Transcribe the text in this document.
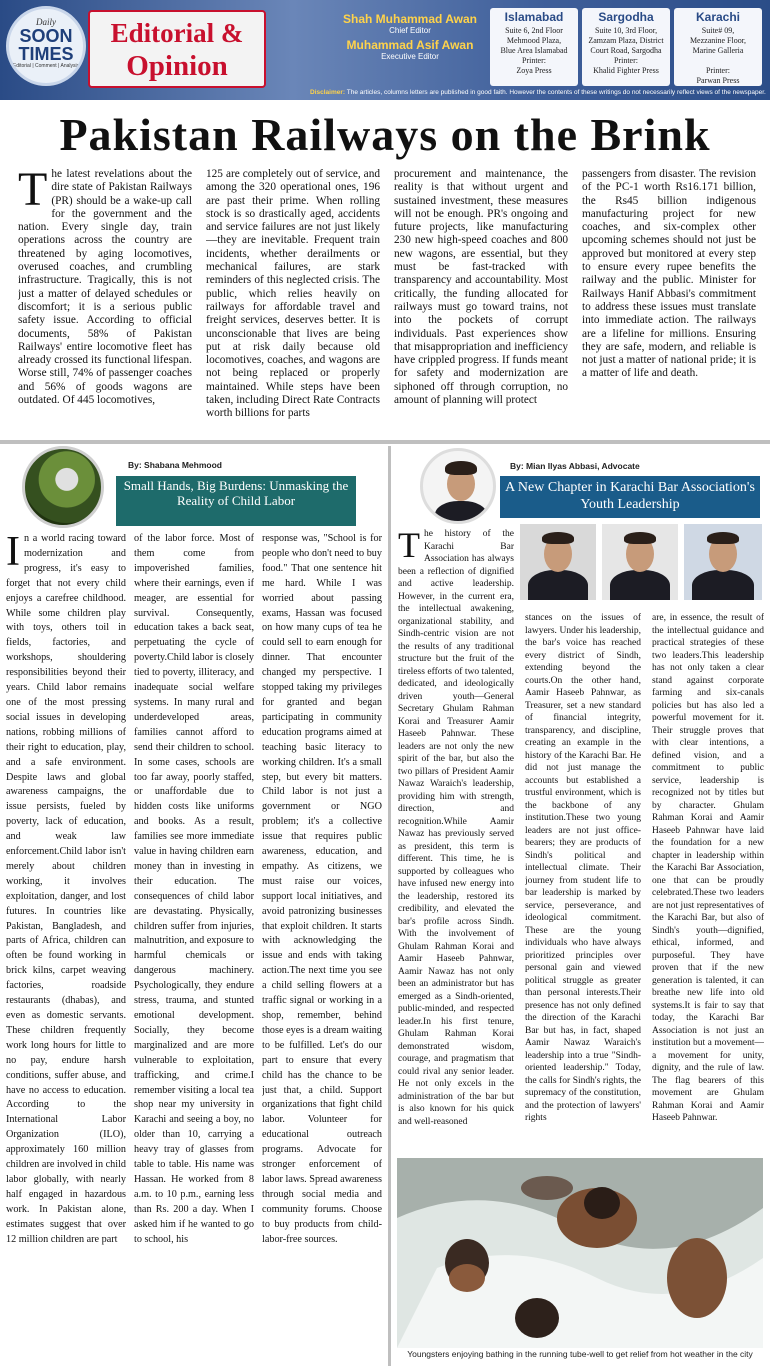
Daily
SOON
TIMES
Editorial | Comment | Analysis
Editorial &
Opinion
Shah Muhammad Awan
Chief Editor
Muhammad Asif Awan
Executive Editor
Islamabad
Suite 6, 2nd Floor
Mehmood Plaza,
Blue Area Islamabad
Printer:
Zoya Press
Sargodha
Suite 10, 3rd Floor,
Zamzam Plaza, District
Court Road, Sargodha
Printer:
Khalid Fighter Press
Karachi
Suite# 09,
Mezzanine Floor,
Marine Galleria

Printer:
Parwan Press
Disclaimer: The articles, columns letters are published in good faith. However the contents of these writings do not necessarily reflect views of the newspaper.
Pakistan Railways on the Brink
T he latest revelations about the dire state of Pakistan Railways (PR) should be a wake-up call for the government and the nation. Every single day, train operations across the country are threatened by aging locomotives, overused coaches, and crumbling infrastructure. Tragically, this is not just a matter of delayed schedules or discomfort; it is a serious public safety issue. According to official documents, 58% of Pakistan Railways' entire locomotive fleet has already crossed its functional lifespan. Worse still, 74% of passenger coaches and 56% of goods wagons are outdated. Of 445 locomotives,
125 are completely out of service, and among the 320 operational ones, 196 are past their prime. When rolling stock is so drastically aged, accidents and service failures are not just likely—they are inevitable. Frequent train incidents, whether derailments or mechanical failures, are stark reminders of this neglected crisis. The public, which relies heavily on railways for affordable travel and freight services, deserves better. It is unconscionable that lives are being put at risk daily because old locomotives, coaches, and wagons are not being replaced or properly maintained. While steps have been taken, including Direct Rate Contracts worth billions for parts
procurement and maintenance, the reality is that without urgent and sustained investment, these measures will not be enough. PR's ongoing and future projects, like manufacturing 230 new high-speed coaches and 800 new wagons, are essential, but they must be fast-tracked with transparency and accountability. Most critically, the funding allocated for railways must go toward trains, not into the pockets of corrupt individuals. Past experiences show that misappropriation and inefficiency have crippled progress. If funds meant for safety and modernization are siphoned off through corruption, no amount of planning will protect
passengers from disaster. The revision of the PC-1 worth Rs16.171 billion, the Rs45 billion indigenous manufacturing project for new coaches, and six-complex other upcoming schemes should not just be approved but monitored at every step to ensure every rupee benefits the railway and the public. Minister for Railways Hanif Abbasi's commitment to address these issues must translate into immediate action. The railways are a lifeline for millions. Ensuring they are safe, modern, and reliable is not just a matter of national pride; it is a matter of life and death.
By: Shabana Mehmood
Small Hands, Big Burdens: Unmasking the Reality of Child Labor
I n a world racing toward modernization and progress, it's easy to forget that not every child enjoys a carefree childhood. While some children play with toys, others toil in fields, factories, and workshops, shouldering responsibilities beyond their years. Child labor remains one of the most pressing social issues in developing nations, robbing millions of their right to education, play, and a safe environment. Despite laws and global awareness campaigns, the issue persists, fueled by poverty, lack of education, and weak law enforcement.Child labor isn't merely about children working, it involves exploitation, danger, and lost futures. In countries like Pakistan, Bangladesh, and parts of Africa, children can often be found working in brick kilns, carpet weaving factories, roadside restaurants (dhabas), and even as domestic servants. These children frequently work long hours for little to no pay, endure harsh conditions, suffer abuse, and have no access to education. According to the International Labor Organization (ILO), approximately 160 million children are involved in child labor globally, with nearly half engaged in hazardous work. In Pakistan alone, estimates suggest that over 12 million children are part
of the labor force. Most of them come from impoverished families, where their earnings, even if meager, are essential for survival. Consequently, education takes a back seat, perpetuating the cycle of poverty.Child labor is closely tied to poverty, illiteracy, and inadequate social welfare systems. In many rural and underdeveloped areas, families cannot afford to send their children to school. In some cases, schools are too far away, poorly staffed, or unaffordable due to hidden costs like uniforms and books. As a result, families see more immediate value in having children earn money than in investing in their education. The consequences of child labor are devastating. Physically, children suffer from injuries, malnutrition, and exposure to harmful chemicals or dangerous machinery. Psychologically, they endure stress, trauma, and stunted emotional development. Socially, they become marginalized and are more vulnerable to exploitation, trafficking, and crime.I remember visiting a local tea shop near my university in Karachi and seeing a boy, no older than 10, carrying a heavy tray of glasses from table to table. His name was Hassan. He worked from 8 a.m. to 10 p.m., earning less than Rs. 200 a day. When I asked him if he wanted to go to school, his
response was, "School is for people who don't need to buy food." That one sentence hit me hard. While I was worried about passing exams, Hassan was focused on how many cups of tea he could sell to earn enough for dinner. That encounter changed my perspective. I stopped taking my privileges for granted and began participating in community education programs aimed at teaching basic literacy to working children. It's a small step, but every bit matters. Child labor is not just a government or NGO problem; it's a collective issue that requires public awareness, education, and empathy. As citizens, we must raise our voices, support local initiatives, and avoid patronizing businesses that exploit children. It starts with acknowledging the issue and ends with taking action.The next time you see a child selling flowers at a traffic signal or working in a shop, remember, behind those eyes is a dream waiting to be fulfilled. Let's do our part to ensure that every child has the chance to be just that, a child. Support organizations that fight child labor. Volunteer for educational outreach programs. Advocate for stronger enforcement of labor laws. Spread awareness through social media and community forums. Choose to buy products from child-labor-free sources.
By: Mian Ilyas Abbasi, Advocate
A New Chapter in Karachi Bar Association's Youth Leadership
T he history of the Karachi Bar Association has always been a reflection of dignified and active leadership. However, in the current era, the intellectual awakening, organizational stability, and Sindh-centric vision are not the results of any traditional structure but the fruit of the tireless efforts of two talented, dedicated, and ideologically driven youth—General Secretary Ghulam Rahman Korai and Treasurer Aamir Haseeb Pahnwar. These leaders are not only the new spirit of the bar, but also the two pillars of President Aamir Nawaz Waraich's leadership, providing him with strength, direction, and recognition.While Aamir Nawaz has previously served as president, this term is different. This time, he is supported by colleagues who have infused new energy into the leadership, restored its credibility, and elevated the bar's profile across Sindh. With the involvement of Ghulam Rahman Korai and Aamir Haseeb Pahnwar, Aamir Nawaz has not only been an administrator but has emerged as a Sindh-oriented, public-minded, and respected leader.In his first tenure, Ghulam Rahman Korai demonstrated wisdom, courage, and pragmatism that could rival any senior leader. He not only excels in the administration of the bar but is also known for his quick and well-reasoned
stances on the issues of lawyers. Under his leadership, the bar's voice has reached every district of Sindh, extending beyond the courts.On the other hand, Aamir Haseeb Pahnwar, as Treasurer, set a new standard of financial integrity, transparency, and discipline, creating an example in the history of the Karachi Bar. He did not just manage the accounts but established a trustful environment, which is the backbone of any institution.These two young leaders are not just office-bearers; they are products of Sindh's political and intellectual climate. Their journey from student life to bar leadership is marked by service, perseverance, and ideological commitment. These are the young individuals who have always prioritized principles over personal gain and viewed political struggle as greater than personal interests.Their presence has not only defined the direction of the Karachi Bar but has, in fact, shaped Aamir Nawaz Waraich's leadership into a true "Sindh-oriented leadership." Today, the calls for Sindh's rights, the supremacy of the constitution, and the protection of lawyers' rights
are, in essence, the result of the intellectual guidance and practical strategies of these two leaders.This leadership has not only taken a clear stand against corporate farming and six-canals policies but has also led a powerful movement for it. Their struggle proves that with clear intentions, a defined vision, and a commitment to public service, leadership is recognized not by titles but by character. Ghulam Rahman Korai and Aamir Haseeb Pahnwar have laid the foundation for a new chapter in leadership within the Karachi Bar Association, one that can be proudly celebrated.These two leaders are not just representatives of the Karachi Bar, but also of Sindh's youth—dignified, ethical, informed, and purposeful. They have proven that if the new generation is talented, it can breathe new life into old systems.It is fair to say that today, the Karachi Bar Association is not just an institution but a movement—a movement for unity, dignity, and the rule of law. The flag bearers of this movement are Ghulam Rahman Korai and Aamir Haseeb Pahnwar.
Youngsters enjoying bathing in the running tube-well to get relief from hot weather in the city
